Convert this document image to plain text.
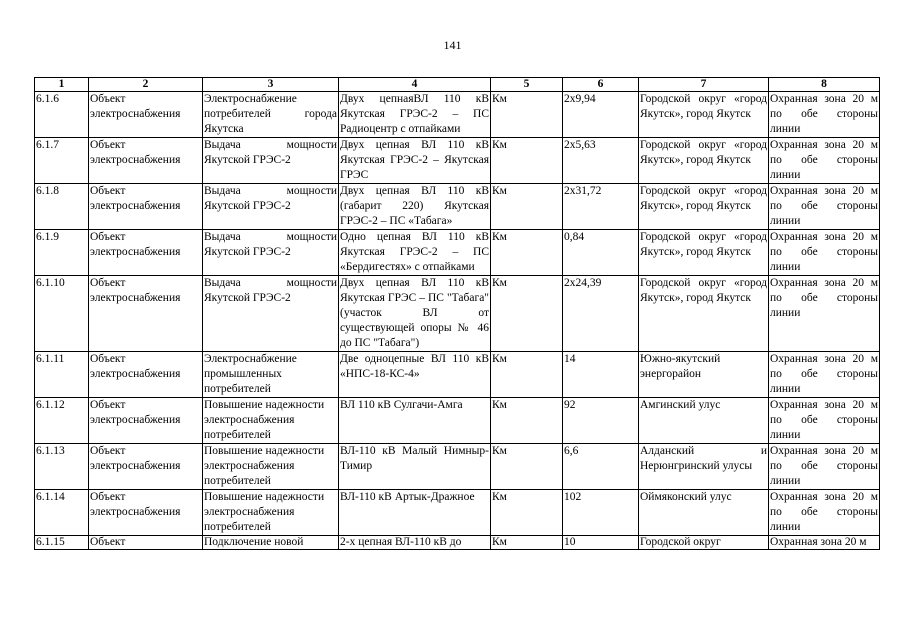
141
1	2	3	4	5	6	7	8
6.1.6	Объект электроснабжения	Электроснабжение потребителей города Якутска	Двух цепнаяВЛ 110 кВ Якутская ГРЭС-2 – ПС Радиоцентр с отпайками	Км	2х9,94	Городской округ «город Якутск», город Якутск	Охранная зона 20 м по обе стороны линии
6.1.7	Объект электроснабжения	Выдача мощности Якутской ГРЭС-2	Двух цепная ВЛ 110 кВ Якутская ГРЭС-2 – Якутская ГРЭС	Км	2х5,63	Городской округ «город Якутск», город Якутск	Охранная зона 20 м по обе стороны линии
6.1.8	Объект электроснабжения	Выдача мощности Якутской ГРЭС-2	Двух цепная ВЛ 110 кВ (габарит 220) Якутская ГРЭС-2 – ПС «Табага»	Км	2х31,72	Городской округ «город Якутск», город Якутск	Охранная зона 20 м по обе стороны линии
6.1.9	Объект электроснабжения	Выдача мощности Якутской ГРЭС-2	Одно цепная ВЛ 110 кВ Якутская ГРЭС-2 – ПС «Бердигестях» с отпайками	Км	0,84	Городской округ «город Якутск», город Якутск	Охранная зона 20 м по обе стороны линии
6.1.10	Объект электроснабжения	Выдача мощности Якутской ГРЭС-2	Двух цепная ВЛ 110 кВ Якутская ГРЭС – ПС "Табага" (участок ВЛ от существующей опоры № 46 до ПС "Табага")	Км	2х24,39	Городской округ «город Якутск», город Якутск	Охранная зона 20 м по обе стороны линии
6.1.11	Объект электроснабжения	Электроснабжение промышленных потребителей	Две одноцепные ВЛ 110 кВ «НПС-18-КС-4»	Км	14	Южно-якутский энергорайон	Охранная зона 20 м по обе стороны линии
6.1.12	Объект электроснабжения	Повышение надежности электроснабжения потребителей	ВЛ 110 кВ Сулгачи-Амга	Км	92	Амгинский улус	Охранная зона 20 м по обе стороны линии
6.1.13	Объект электроснабжения	Повышение надежности электроснабжения потребителей	ВЛ-110 кВ Малый Нимныр-Тимир	Км	6,6	Алданский и Нерюнгринский улусы	Охранная зона 20 м по обе стороны линии
6.1.14	Объект электроснабжения	Повышение надежности электроснабжения потребителей	ВЛ-110 кВ Артык-Дражное	Км	102	Оймяконский улус	Охранная зона 20 м по обе стороны линии
6.1.15	Объект	Подключение новой	2-х цепная ВЛ-110 кВ до	Км	10	Городской округ	Охранная зона 20 м
